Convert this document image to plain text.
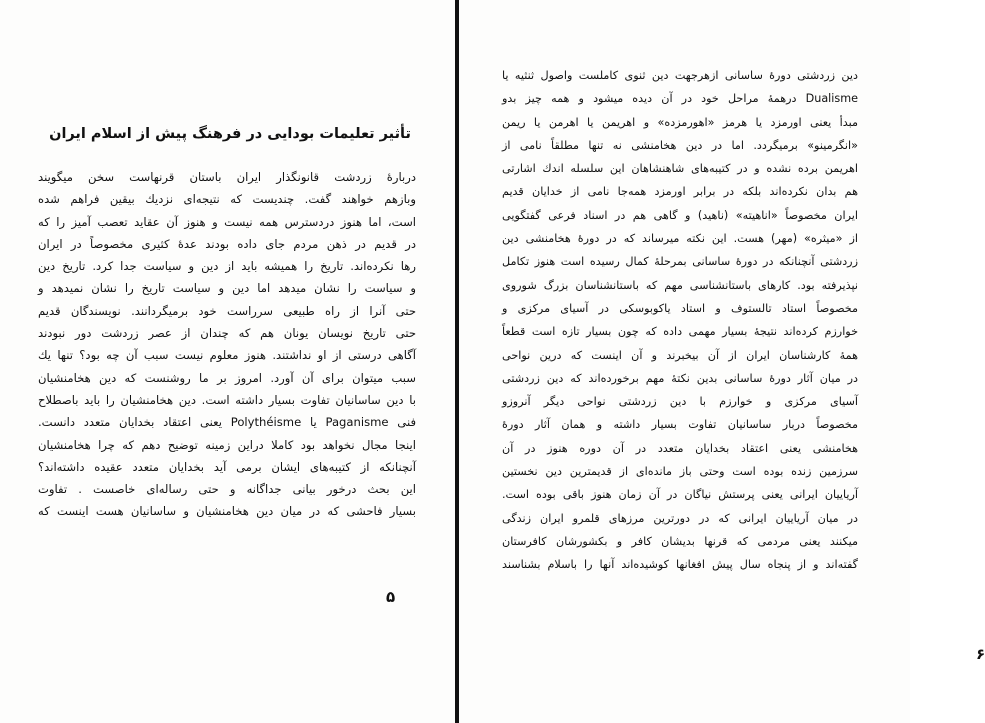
تأثیر تعلیمات بودایی در فرهنگ پیش از اسلام ایران
دربارهٔ زردشت قانونگذار ایران باستان قرنهاست سخن میگویند
وبازهم خواهند گفت. چندیست که نتیجه‌ای نزدیك بیقین فراهم شده
است، اما هنوز دردسترس همه نیست و هنوز آن عقاید تعصب آمیز را که
در قدیم در ذهن مردم جای داده بودند عدهٔ کثیری مخصوصاً در ایران
رها نکرده‌اند. تاریخ را همیشه باید از دین و سیاست جدا کرد. تاریخ دین
و سیاست را نشان میدهد اما دین و سیاست تاریخ را نشان نمیدهد و
حتی آنرا از راه طبیعی سرراست خود برمیگردانند. نویسندگان قدیم
حتی تاریخ نویسان یونان هم که چندان از عصر زردشت دور نبودند
آگاهی درستی از او نداشتند. هنوز معلوم نیست سبب آن چه بود؟ تنها یك
سبب میتوان برای آن آورد. امروز بر ما روشنست که دین هخامنشیان
با دین ساسانیان تفاوت بسیار داشته است. دین هخامنشیان را باید باصطلاح
فنی Paganisme یا Polythéisme یعنی اعتقاد بخدایان متعدد دانست.
اینجا مجال نخواهد بود کاملا دراین زمینه توضیح دهم که چرا هخامنشیان
آنچنانکه از کتیبه‌های ایشان برمی آید بخدایان متعدد عقیده داشته‌اند؟
این بحث درخور بیانی جداگانه و حتی رساله‌ای خاصست . تفاوت
بسیار فاحشی که در میان دین هخامنشیان و ساسانیان هست اینست که
۵
دین زردشتی دورهٔ ساسانی ازهرجهت دین ثنوی کاملست واصول ثنثیه یا
Dualisme درهمهٔ مراحل خود در آن دیده میشود و همه چیز بدو
مبدأ یعنی اورمزد یا هرمز «اهورمزده» و اهریمن یا اهرمن یا ریمن
«انگرمینو» برمیگردد. اما در دین هخامنشی نه تنها مطلقاً نامی از
اهریمن برده نشده و در کتیبه‌های شاهنشاهان این سلسله اندك اشارتی
هم بدان نکرده‌اند بلکه در برابر اورمزد همه‌جا نامی از خدایان قدیم
ایران مخصوصاً «اناهیته» (ناهید) و گاهی هم در اسناد فرعی گفتگویی
از «میثره» (مهر) هست. این نکته میرساند که در دورهٔ هخامنشی دین
زردشتی آنچنانکه در دورهٔ ساسانی بمرحلهٔ کمال رسیده است هنوز تکامل
نپذیرفته بود. کارهای باستانشناسی مهم که باستانشناسان بزرگ شوروی
مخصوصاً استاد تالستوف و استاد یاکوبوسکی در آسیای مرکزی و
خوارزم کرده‌اند نتیجهٔ بسیار مهمی داده که چون بسیار تازه است قطعاً
همهٔ کارشناسان ایران از آن بیخبرند و آن اینست که درین نواحی
در میان آثار دورهٔ ساسانی بدین نکتهٔ مهم برخورده‌اند که دین زردشتی
آسیای مرکزی و خوارزم با دین زردشتی نواحی دیگر آنروزو
مخصوصاً دربار ساسانیان تفاوت بسیار داشته و همان آثار دورهٔ
هخامنشی یعنی اعتقاد بخدایان متعدد در آن دوره هنوز در آن
سرزمین زنده بوده است وحتی باز مانده‌ای از قدیمترین دین نخستین
آریاییان ایرانی یعنی پرستش نیاگان در آن زمان هنوز باقی بوده است.
در میان آریاییان ایرانی که در دورترین مرزهای قلمرو ایران زندگی
میکنند یعنی مردمی که قرنها بدیشان کافر و بکشورشان کافرستان
گفته‌اند و از پنجاه سال پیش افغانها کوشیده‌اند آنها را باسلام بشناسند
۶
